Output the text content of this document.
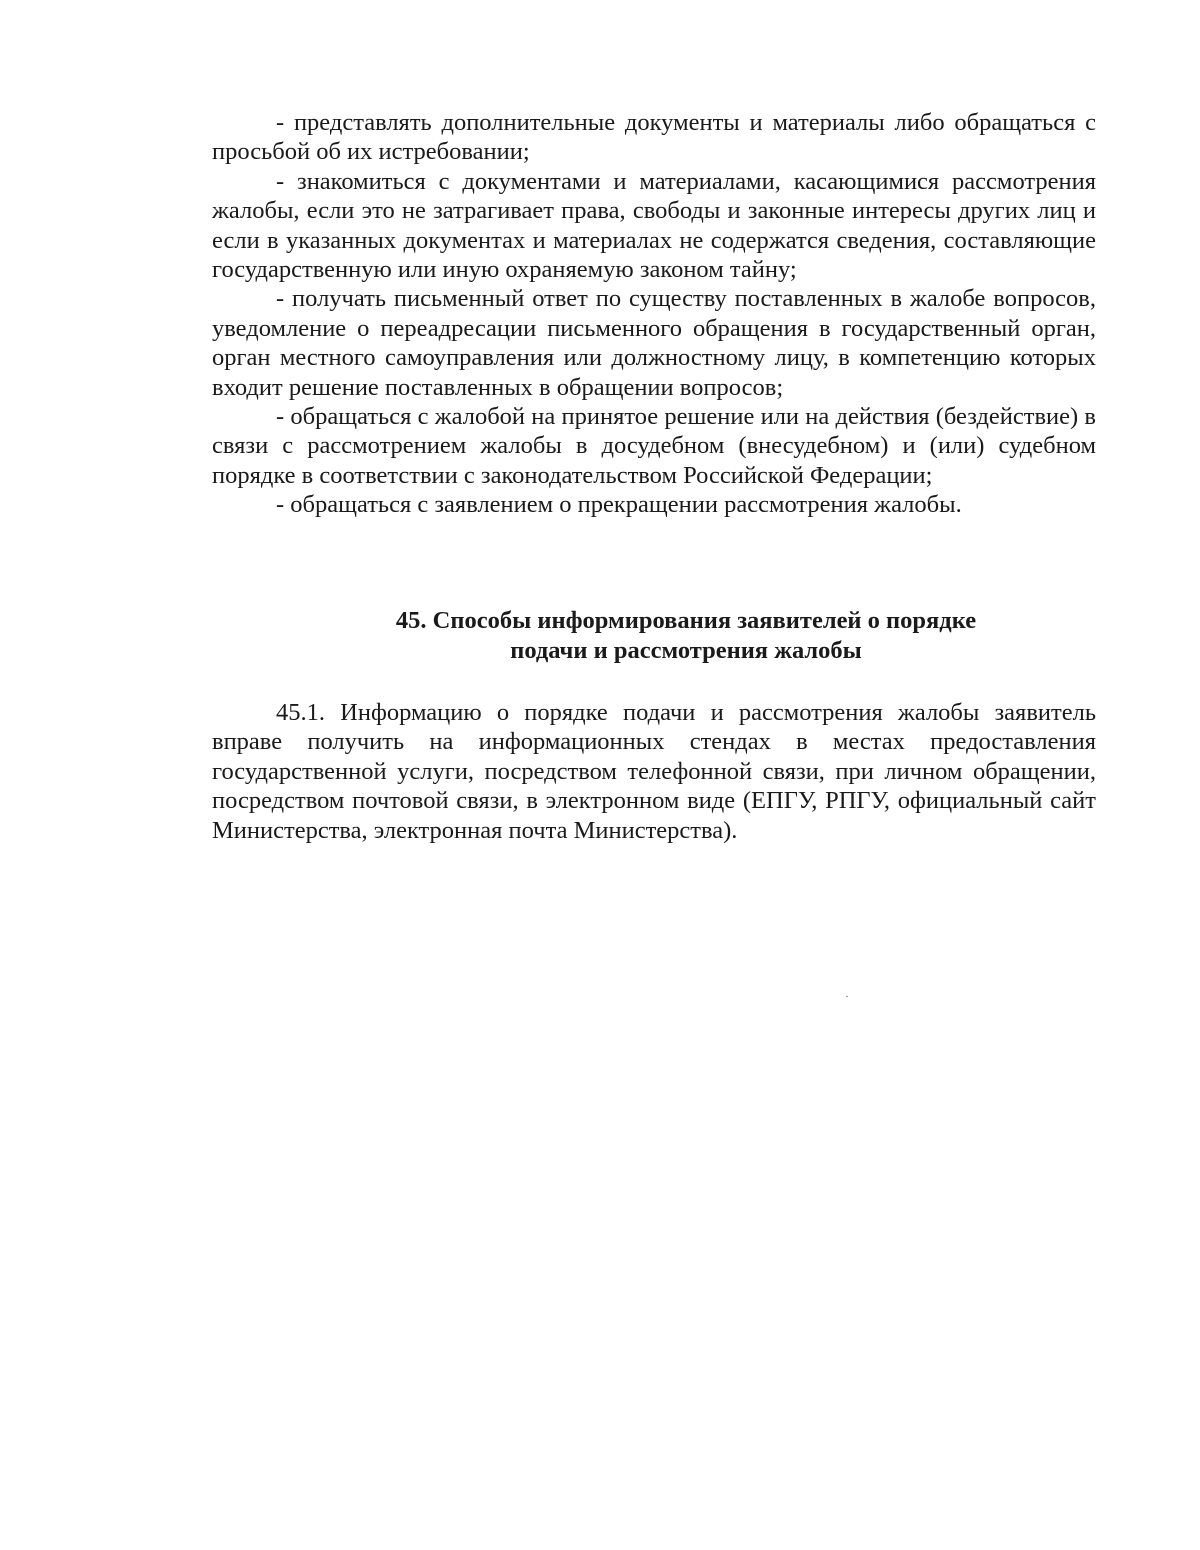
- представлять дополнительные документы и материалы либо обращаться с просьбой об их истребовании;

- знакомиться с документами и материалами, касающимися рассмотрения жалобы, если это не затрагивает права, свободы и законные интересы других лиц и если в указанных документах и материалах не содержатся сведения, составляющие государственную или иную охраняемую законом тайну;

- получать письменный ответ по существу поставленных в жалобе вопросов, уведомление о переадресации письменного обращения в государственный орган, орган местного самоуправления или должностному лицу, в компетенцию которых входит решение поставленных в обращении вопросов;

- обращаться с жалобой на принятое решение или на действия (бездействие) в связи с рассмотрением жалобы в досудебном (внесудебном) и (или) судебном порядке в соответствии с законодательством Российской Федерации;

- обращаться с заявлением о прекращении рассмотрения жалобы.

45. Способы информирования заявителей о порядке
подачи и рассмотрения жалобы

45.1. Информацию о порядке подачи и рассмотрения жалобы заявитель вправе получить на информационных стендах в местах предоставления государственной услуги, посредством телефонной связи, при личном обращении, посредством почтовой связи, в электронном виде (ЕПГУ, РПГУ, официальный сайт Министерства, электронная почта Министерства).
